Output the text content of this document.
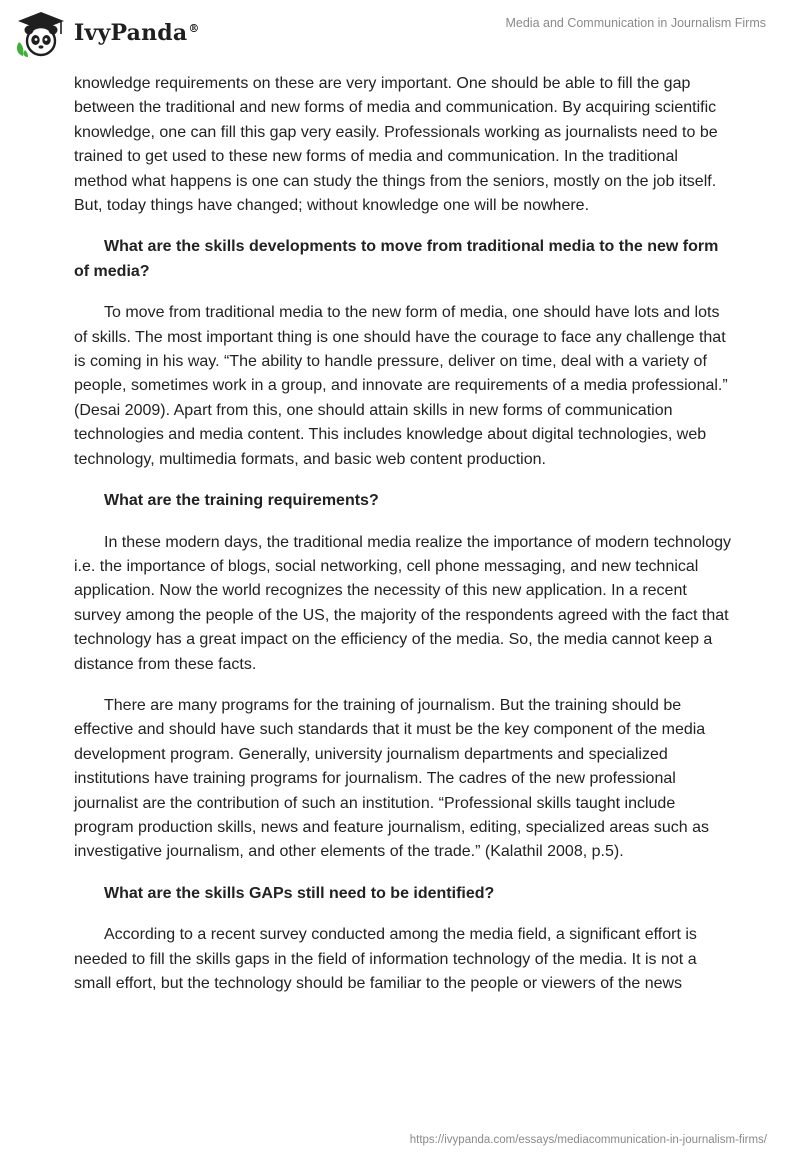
IvyPanda®	Media and Communication in Journalism Firms

knowledge requirements on these are very important. One should be able to fill the gap between the traditional and new forms of media and communication. By acquiring scientific knowledge, one can fill this gap very easily. Professionals working as journalists need to be trained to get used to these new forms of media and communication. In the traditional method what happens is one can study the things from the seniors, mostly on the job itself. But, today things have changed; without knowledge one will be nowhere.

What are the skills developments to move from traditional media to the new form of media?

To move from traditional media to the new form of media, one should have lots and lots of skills. The most important thing is one should have the courage to face any challenge that is coming in his way. “The ability to handle pressure, deliver on time, deal with a variety of people, sometimes work in a group, and innovate are requirements of a media professional.” (Desai 2009). Apart from this, one should attain skills in new forms of communication technologies and media content. This includes knowledge about digital technologies, web technology, multimedia formats, and basic web content production.

What are the training requirements?

In these modern days, the traditional media realize the importance of modern technology i.e. the importance of blogs, social networking, cell phone messaging, and new technical application. Now the world recognizes the necessity of this new application. In a recent survey among the people of the US, the majority of the respondents agreed with the fact that technology has a great impact on the efficiency of the media. So, the media cannot keep a distance from these facts.

There are many programs for the training of journalism. But the training should be effective and should have such standards that it must be the key component of the media development program. Generally, university journalism departments and specialized institutions have training programs for journalism. The cadres of the new professional journalist are the contribution of such an institution. “Professional skills taught include program production skills, news and feature journalism, editing, specialized areas such as investigative journalism, and other elements of the trade.” (Kalathil 2008, p.5).

What are the skills GAPs still need to be identified?

According to a recent survey conducted among the media field, a significant effort is needed to fill the skills gaps in the field of information technology of the media. It is not a small effort, but the technology should be familiar to the people or viewers of the news

https://ivypanda.com/essays/mediacommunication-in-journalism-firms/
